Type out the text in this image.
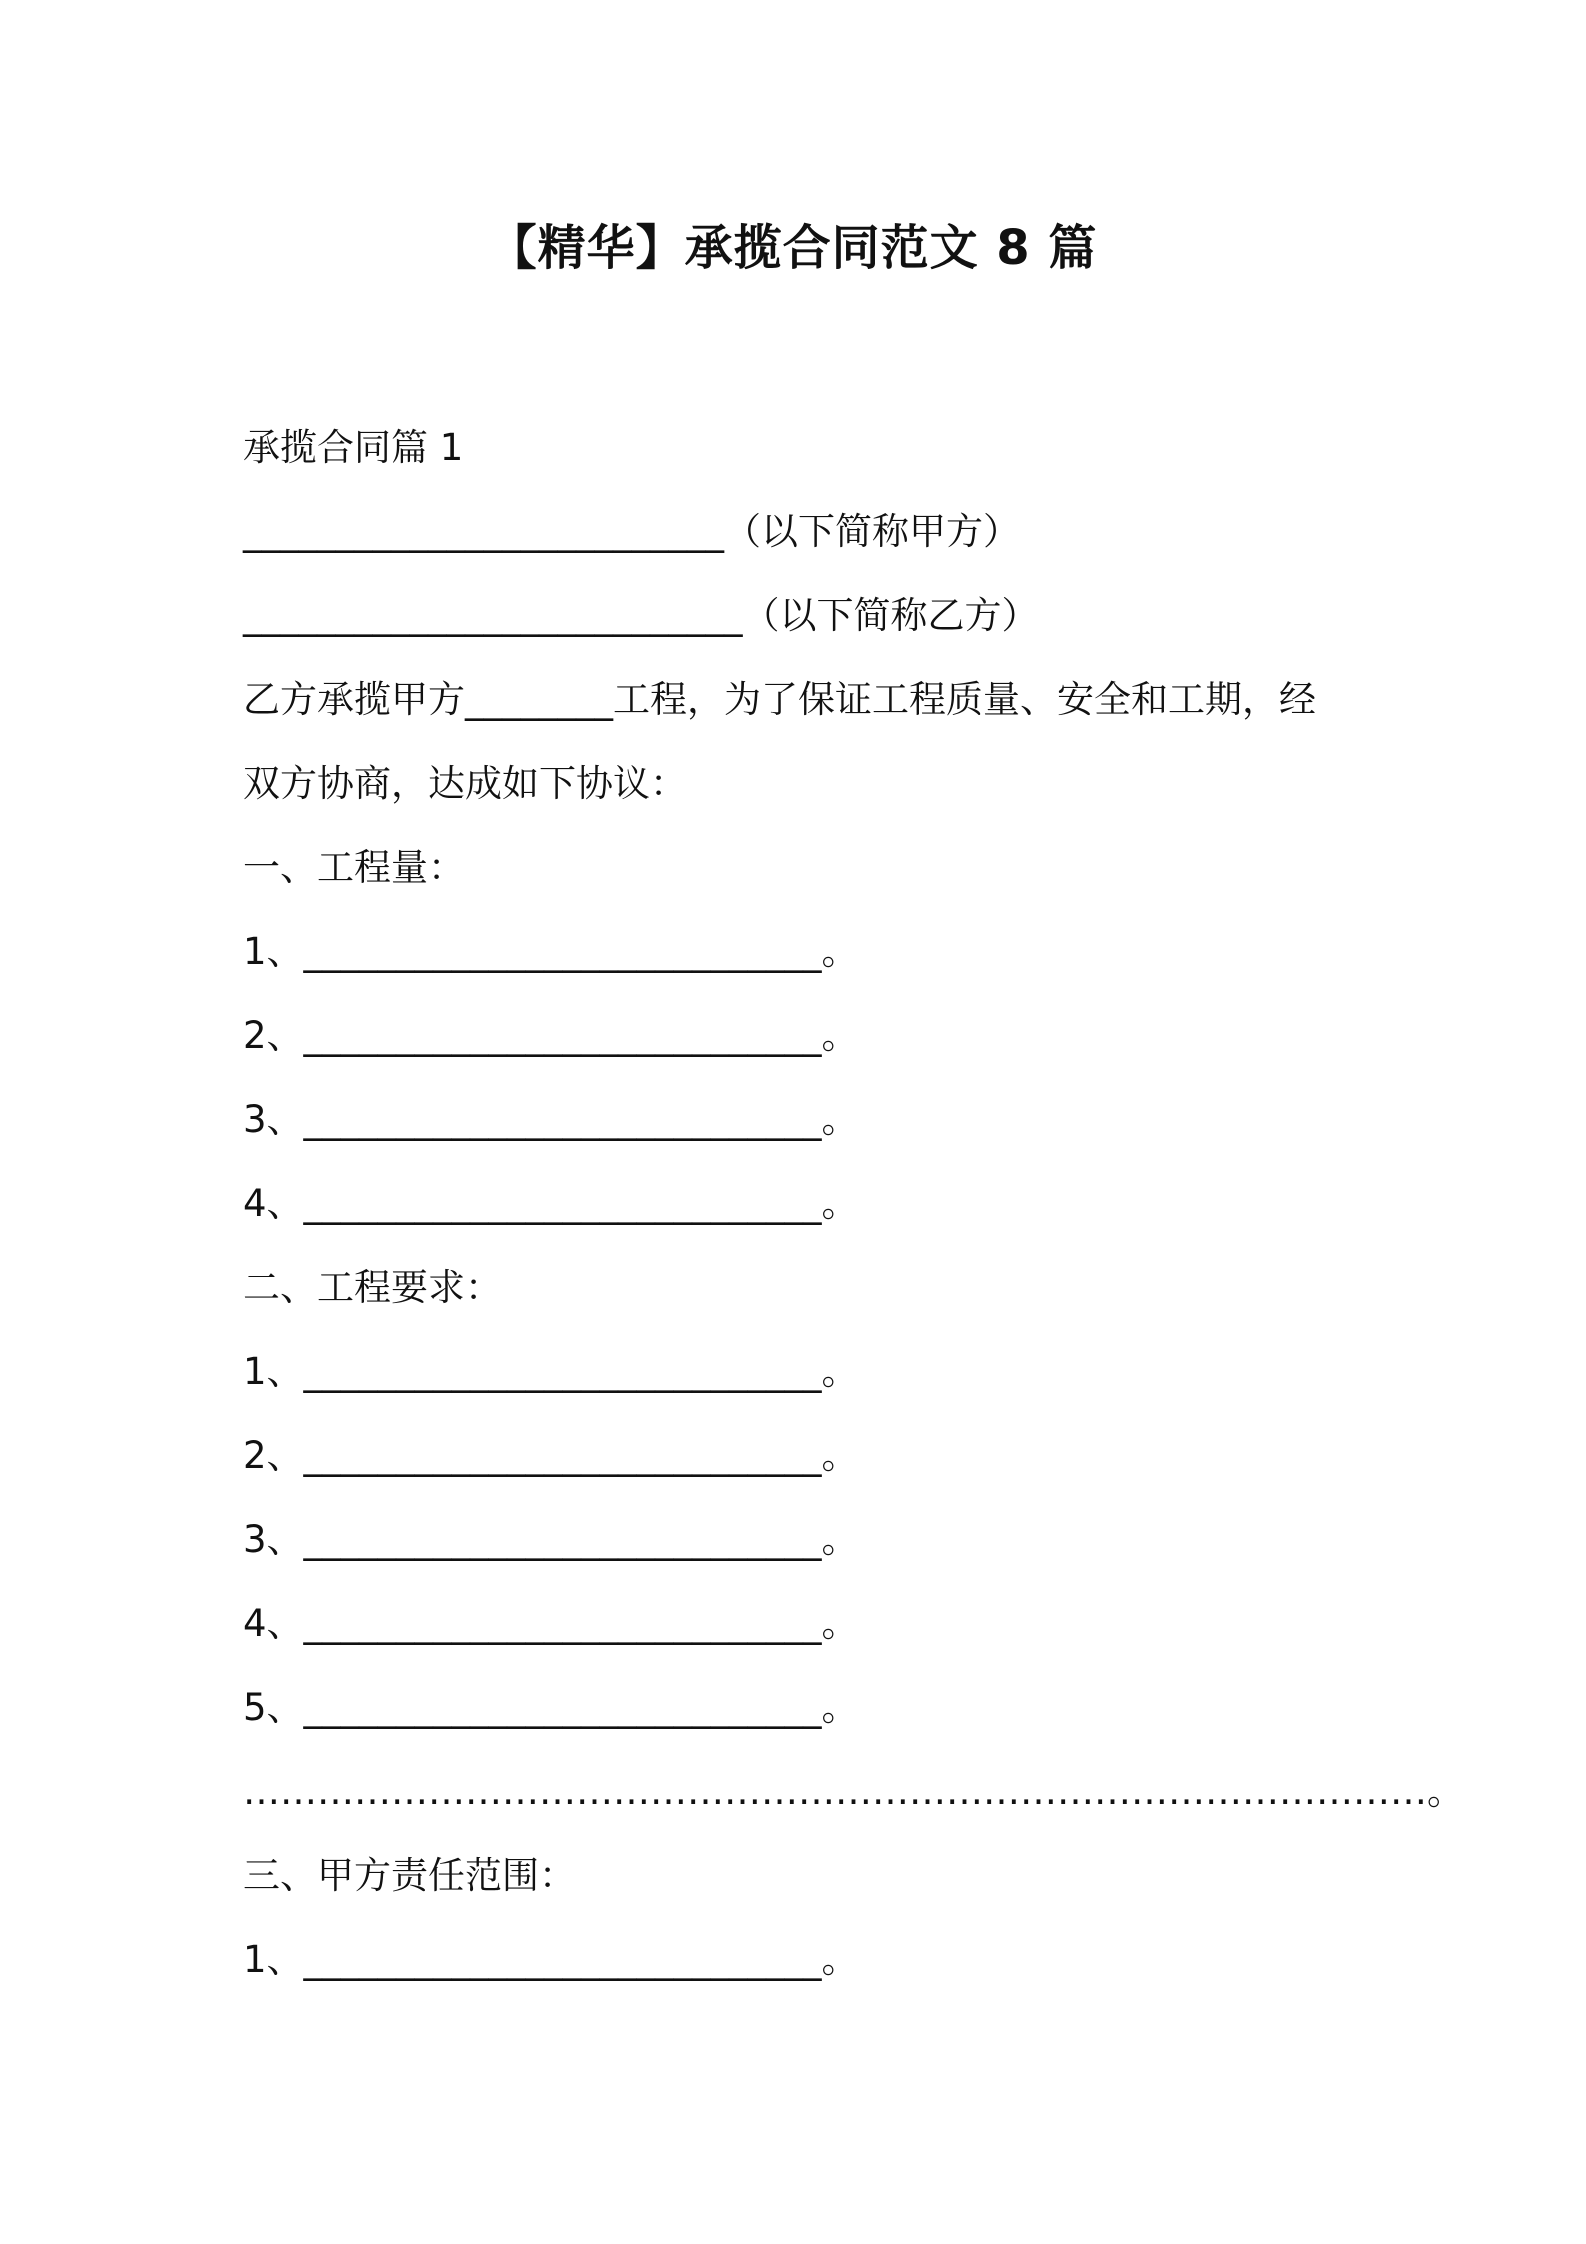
【精华】承揽合同范文 8 篇
承揽合同篇 1
__________________________（以下简称甲方）
___________________________（以下简称乙方）
乙方承揽甲方________工程，为了保证工程质量、安全和工期，经
双方协商，达成如下协议：
一、工程量：
1、____________________________。
2、____________________________。
3、____________________________。
4、____________________________。
二、工程要求：
1、____________________________。
2、____________________________。
3、____________________________。
4、____________________________。
5、____________________________。
……………………………………………………………………………………。
三、甲方责任范围：
1、____________________________。
